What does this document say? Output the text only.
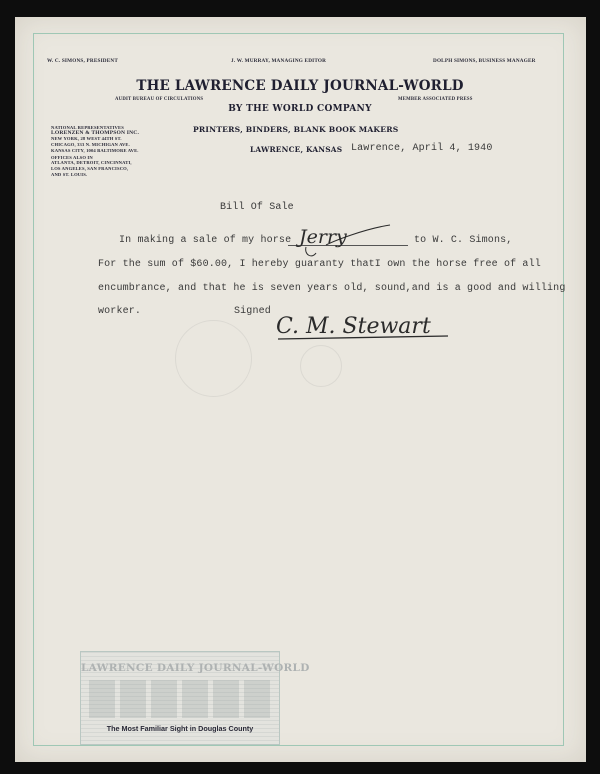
W. C. SIMONS, PRESIDENT	J. W. MURRAY, MANAGING EDITOR	DOLPH SIMONS, BUSINESS MANAGER
THE LAWRENCE DAILY JOURNAL-WORLD
AUDIT BUREAU OF CIRCULATIONS	MEMBER ASSOCIATED PRESS
BY THE WORLD COMPANY
PRINTERS, BINDERS, BLANK BOOK MAKERS
LAWRENCE, KANSAS
NATIONAL REPRESENTATIVES
LORENZEN & THOMPSON INC.
NEW YORK, 28 WEST 44TH ST.
CHICAGO, 333 N. MICHIGAN AVE.
KANSAS CITY, 1004 BALTIMORE AVE.
OFFICES ALSO IN
ATLANTA, DETROIT, CINCINNATI,
LOS ANGELES, SAN FRANCISCO,
AND ST. LOUIS.
Lawrence, April 4, 1940
Bill Of Sale
In making a sale of my horse Jerry	to W. C. Simons,
For the sum of $60.00, I hereby guaranty thatI own the horse free of all
encumbrance, and that he is seven years old, sound,and is a good and willing
worker.	Signed
C. M. Stewart
LAWRENCE DAILY JOURNAL-WORLD
The Most Familiar Sight in Douglas County
